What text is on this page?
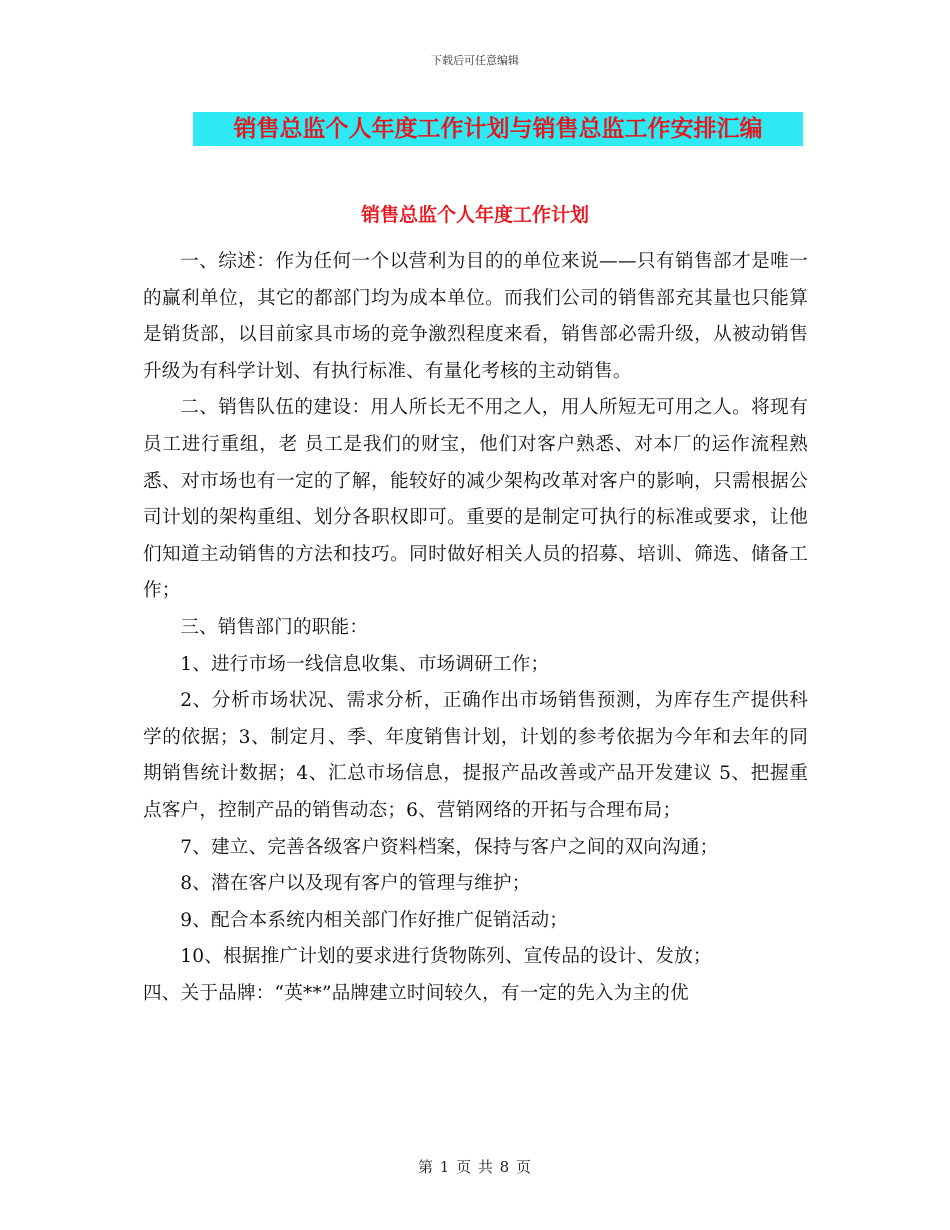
下载后可任意编辑
销售总监个人年度工作计划与销售总监工作安排汇编
销售总监个人年度工作计划

一、综述：作为任何一个以营利为目的的单位来说——只有销售部才是唯一的赢利单位，其它的都部门均为成本单位。而我们公司的销售部充其量也只能算是销货部，以目前家具市场的竞争激烈程度来看，销售部必需升级，从被动销售升级为有科学计划、有执行标准、有量化考核的主动销售。

二、销售队伍的建设：用人所长无不用之人，用人所短无可用之人。将现有员工进行重组，老 员工是我们的财宝，他们对客户熟悉、对本厂的运作流程熟悉、对市场也有一定的了解，能较好的减少架构改革对客户的影响，只需根据公司计划的架构重组、划分各职权即可。重要的是制定可执行的标准或要求，让他们知道主动销售的方法和技巧。同时做好相关人员的招募、培训、筛选、储备工作；

三、销售部门的职能：

1、进行市场一线信息收集、市场调研工作；

2、分析市场状况、需求分析，正确作出市场销售预测，为库存生产提供科学的依据；3、制定月、季、年度销售计划，计划的参考依据为今年和去年的同期销售统计数据；4、汇总市场信息，提报产品改善或产品开发建议 5、把握重点客户，控制产品的销售动态；6、营销网络的开拓与合理布局；

7、建立、完善各级客户资料档案，保持与客户之间的双向沟通；

8、潜在客户以及现有客户的管理与维护；

9、配合本系统内相关部门作好推广促销活动；

10、根据推广计划的要求进行货物陈列、宣传品的设计、发放；

四、关于品牌：“英**”品牌建立时间较久，有一定的先入为主的优

第 1 页 共 8 页
